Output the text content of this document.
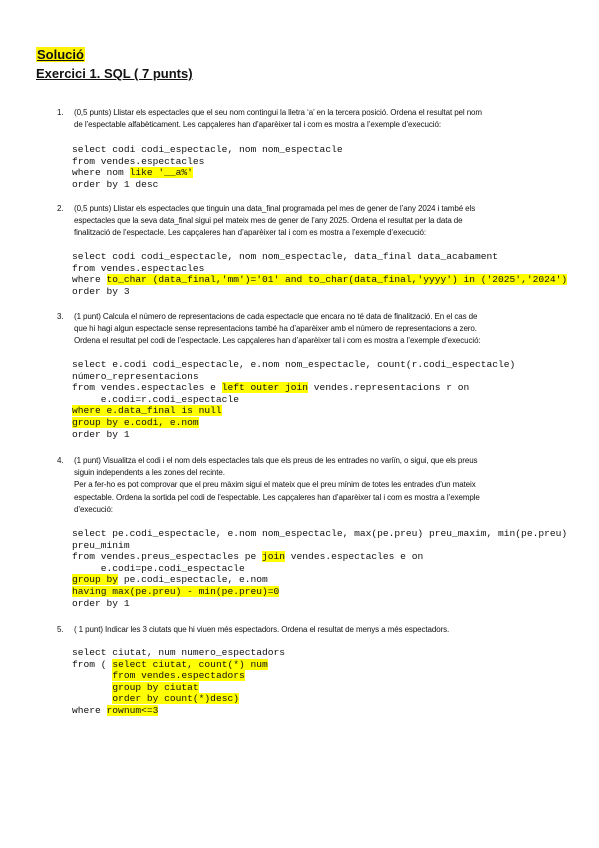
Solució
Exercici 1. SQL ( 7 punts)
1. (0,5 punts) Llistar els espectacles que el seu nom contingui la lletra ‘a’ en la tercera posició. Ordena el resultat pel nom
de l’espectable alfabèticament. Les capçaleres han d’aparèixer tal i com es mostra a l’exemple d’execució:
select codi codi_espectacle, nom nom_espectacle
from vendes.espectacles
where nom like '__a%'
order by 1 desc
2. (0,5 punts) Llistar els espectacles que tinguin una data_final programada pel mes de gener de l’any 2024 i també els
espectacles que la seva data_final sigui pel mateix mes de gener de l’any 2025. Ordena el resultat per la data de
finalització de l’espectacle. Les capçaleres han d’aparèixer tal i com es mostra a l’exemple d’execució:
select codi codi_espectacle, nom nom_espectacle, data_final data_acabament
from vendes.espectacles
where to_char (data_final,'mm')='01' and to_char(data_final,'yyyy') in ('2025','2024')
order by 3
3. (1 punt) Calcula el número de representacions de cada espectacle que encara no té data de finalització. En el cas de
que hi hagi algun espectacle sense representacions també ha d’aparèixer amb el número de representacions a zero.
Ordena el resultat pel codi de l’espectacle. Les capçaleres han d’aparèixer tal i com es mostra a l’exemple d’execució:
select e.codi codi_espectacle, e.nom nom_espectacle, count(r.codi_espectacle)
número_representacions
from vendes.espectacles e left outer join vendes.representacions r on
e.codi=r.codi_espectacle
where e.data_final is null
group by e.codi, e.nom
order by 1
4. (1 punt) Visualitza el codi i el nom dels espectacles tals que els preus de les entrades no variïn, o sigui, que els preus
siguin independents a les zones del recinte.
Per a fer-ho es pot comprovar que el preu màxim sigui el mateix que el preu mínim de totes les entrades d’un mateix
espectable. Ordena la sortida pel codi de l’espectable. Les capçaleres han d’aparèixer tal i com es mostra a l’exemple
d’execució:
select pe.codi_espectacle, e.nom nom_espectacle, max(pe.preu) preu_maxim, min(pe.preu)
preu_minim
from vendes.preus_espectacles pe join vendes.espectacles e on
e.codi=pe.codi_espectacle
group by pe.codi_espectacle, e.nom
having max(pe.preu) - min(pe.preu)=0
order by 1
5. ( 1 punt) Indicar les 3 ciutats que hi viuen més espectadors. Ordena el resultat de menys a més espectadors.
select ciutat, num numero_espectadors
from ( select ciutat, count(*) num
from vendes.espectadors
group by ciutat
order by count(*)desc)
where rownum<=3
